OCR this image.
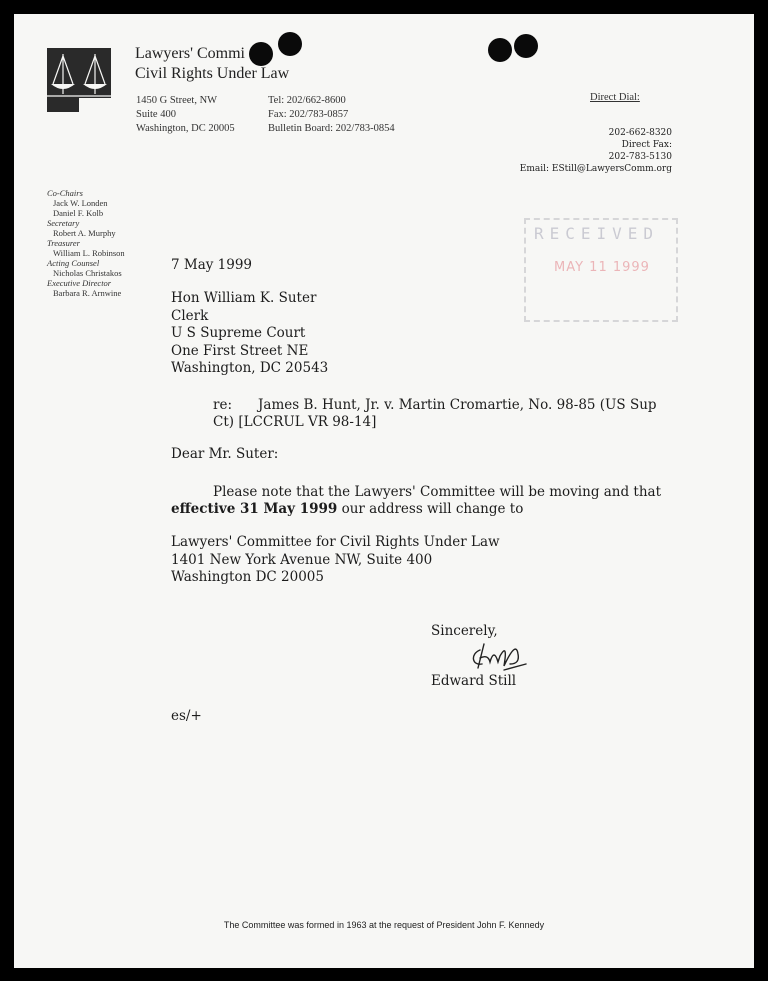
Lawyers' Commi
Civil Rights Under Law
1450 G Street, NW
Suite 400
Washington, DC 20005
Tel: 202/662-8600
Fax: 202/783-0857
Bulletin Board: 202/783-0854
Direct Dial:
202-662-8320
Direct Fax:
202-783-5130
Email: EStill@LawyersComm.org
Co-Chairs
Jack W. Londen
Daniel F. Kolb
Secretary
Robert A. Murphy
Treasurer
William L. Robinson
Acting Counsel
Nicholas Christakos
Executive Director
Barbara R. Arnwine
RECEIVED
MAY 11 1999
7 May 1999
Hon William K. Suter
Clerk
U S Supreme Court
One First Street NE
Washington, DC 20543
re: James B. Hunt, Jr. v. Martin Cromartie, No. 98-85 (US Sup
Ct) [LCCRUL VR 98-14]
Dear Mr. Suter:
Please note that the Lawyers' Committee will be moving and that
effective 31 May 1999 our address will change to
Lawyers' Committee for Civil Rights Under Law
1401 New York Avenue NW, Suite 400
Washington DC 20005
Sincerely,
Edward Still
es/+
The Committee was formed in 1963 at the request of President John F. Kennedy
